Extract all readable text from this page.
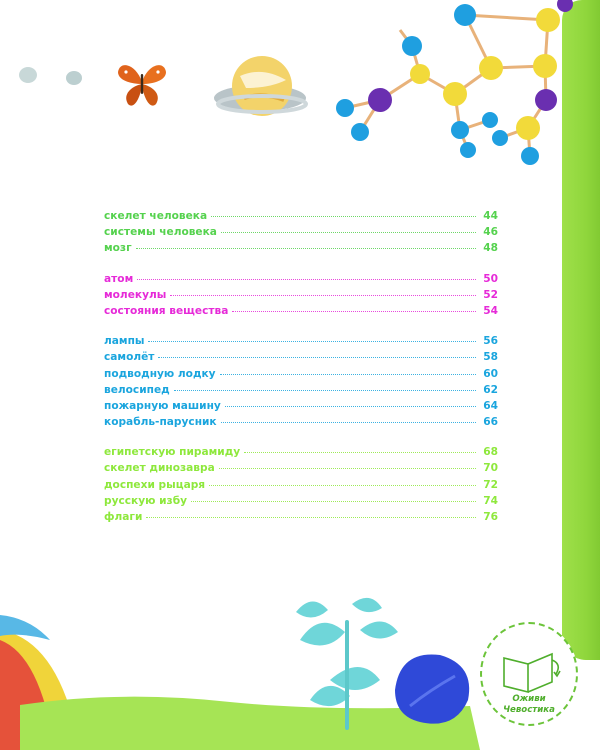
скелет человека	44
системы человека	46
мозг	48
атом	50
молекулы	52
состояния вещества	54
лампы	56
самолёт	58
подводную лодку	60
велосипед	62
пожарную машину	64
корабль-парусник	66
египетскую пирамиду	68
скелет динозавра	70
доспехи рыцаря	72
русскую избу	74
флаги	76
Оживи
Чевостика
